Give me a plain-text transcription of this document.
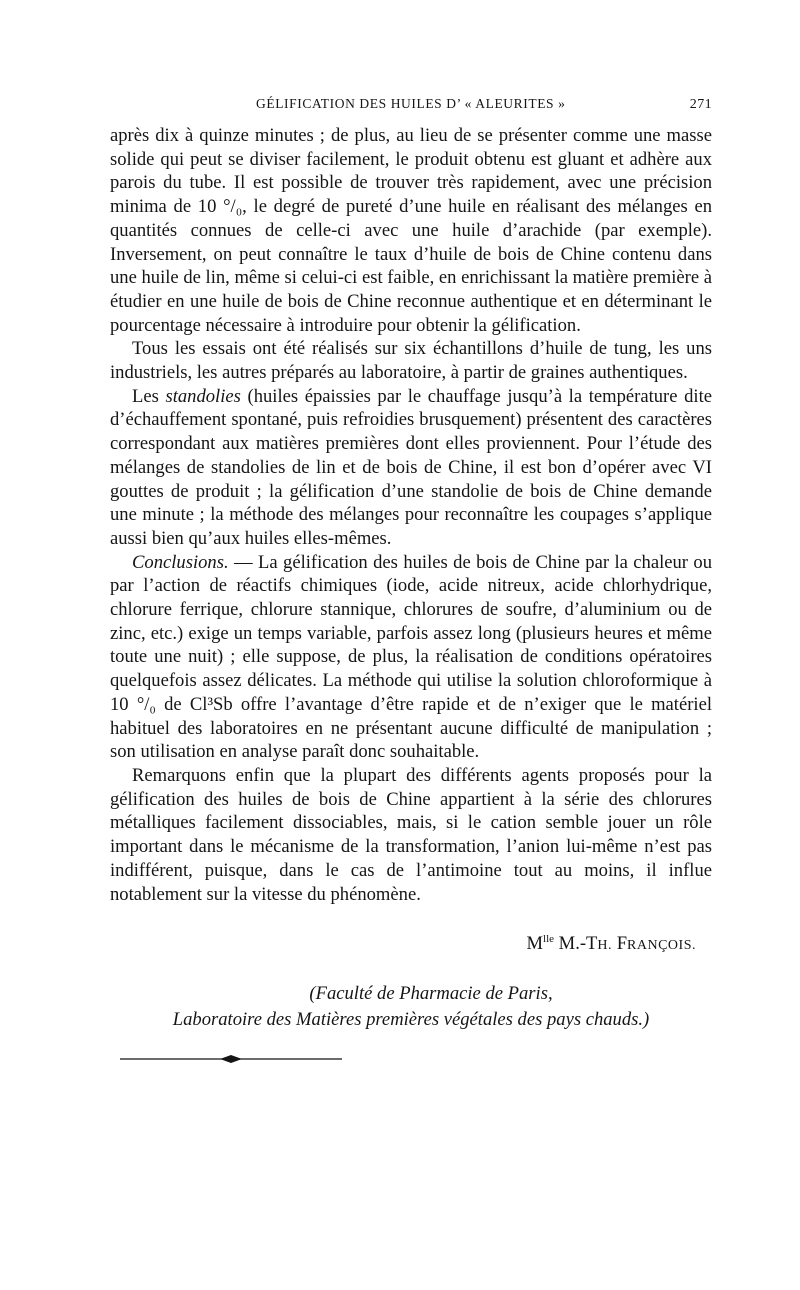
GÉLIFICATION DES HUILES D’ « ALEURITES »	271

après dix à quinze minutes ; de plus, au lieu de se présenter comme une masse solide qui peut se diviser facilement, le produit obtenu est gluant et adhère aux parois du tube. Il est possible de trouver très rapidement, avec une précision minima de 10 °/₀, le degré de pureté d’une huile en réalisant des mélanges en quantités connues de celle-ci avec une huile d’arachide (par exemple). Inversement, on peut connaître le taux d’huile de bois de Chine contenu dans une huile de lin, même si celui-ci est faible, en enrichissant la matière première à étudier en une huile de bois de Chine reconnue authentique et en déterminant le pourcentage nécessaire à introduire pour obtenir la gélification.

Tous les essais ont été réalisés sur six échantillons d’huile de tung, les uns industriels, les autres préparés au laboratoire, à partir de graines authentiques.

Les standolies (huiles épaissies par le chauffage jusqu’à la température dite d’échauffement spontané, puis refroidies brusquement) présentent des caractères correspondant aux matières premières dont elles proviennent. Pour l’étude des mélanges de standolies de lin et de bois de Chine, il est bon d’opérer avec VI gouttes de produit ; la gélification d’une standolie de bois de Chine demande une minute ; la méthode des mélanges pour reconnaître les coupages s’applique aussi bien qu’aux huiles elles-mêmes.

Conclusions. — La gélification des huiles de bois de Chine par la chaleur ou par l’action de réactifs chimiques (iode, acide nitreux, acide chlorhydrique, chlorure ferrique, chlorure stannique, chlorures de soufre, d’aluminium ou de zinc, etc.) exige un temps variable, parfois assez long (plusieurs heures et même toute une nuit) ; elle suppose, de plus, la réalisation de conditions opératoires quelquefois assez délicates. La méthode qui utilise la solution chloroformique à 10 °/₀ de Cl³Sb offre l’avantage d’être rapide et de n’exiger que le matériel habituel des laboratoires en ne présentant aucune difficulté de manipulation ; son utilisation en analyse paraît donc souhaitable.

Remarquons enfin que la plupart des différents agents proposés pour la gélification des huiles de bois de Chine appartient à la série des chlorures métalliques facilement dissociables, mais, si le cation semble jouer un rôle important dans le mécanisme de la transformation, l’anion lui-même n’est pas indifférent, puisque, dans le cas de l’antimoine tout au moins, il influe notablement sur la vitesse du phénomène.

$M^{lle}$ M.-TH. FRANÇOIS.
(Faculté de Pharmacie de Paris,
Laboratoire des Matières premières végétales des pays chauds.)
